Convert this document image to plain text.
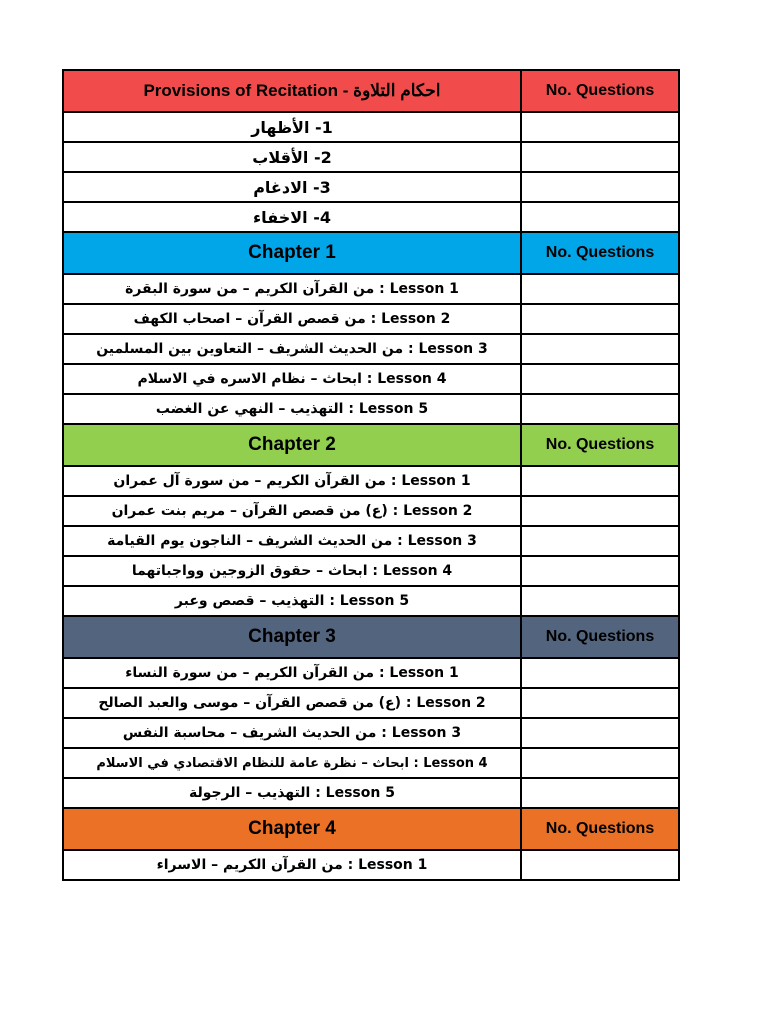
Provisions of Recitation - احكام التلاوة	No. Questions
1- الأظهار	
2- الأقلاب	
3- الادغام	
4- الاخفاء	
Chapter 1	No. Questions
Lesson 1 : من القرآن الكريم – من سورة البقرة	
Lesson 2 : من قصص القرآن – اصحاب الكهف	
Lesson 3 : من الحديث الشريف – التعاوين بين المسلمين	
Lesson 4 : ابحاث – نظام الاسره في الاسلام	
Lesson 5 : التهذيب – النهي عن الغضب	
Chapter 2	No. Questions
Lesson 1 : من القرآن الكريم – من سورة آل عمران	
Lesson 2 : (ع) من قصص القرآن – مريم بنت عمران	
Lesson 3 : من الحديث الشريف – الناجون يوم القيامة	
Lesson 4 : ابحاث – حقوق الزوجين وواجباتهما	
Lesson 5 : التهذيب – قصص وعبر	
Chapter 3	No. Questions
Lesson 1 : من القرآن الكريم – من سورة النساء	
Lesson 2 : (ع) من قصص القرآن – موسى والعبد الصالح	
Lesson 3 : من الحديث الشريف – محاسبة النفس	
Lesson 4 : ابحاث – نظرة عامة للنظام الاقتصادي في الاسلام	
Lesson 5 : التهذيب – الرجولة	
Chapter 4	No. Questions
Lesson 1 : من القرآن الكريم – الاسراء	
